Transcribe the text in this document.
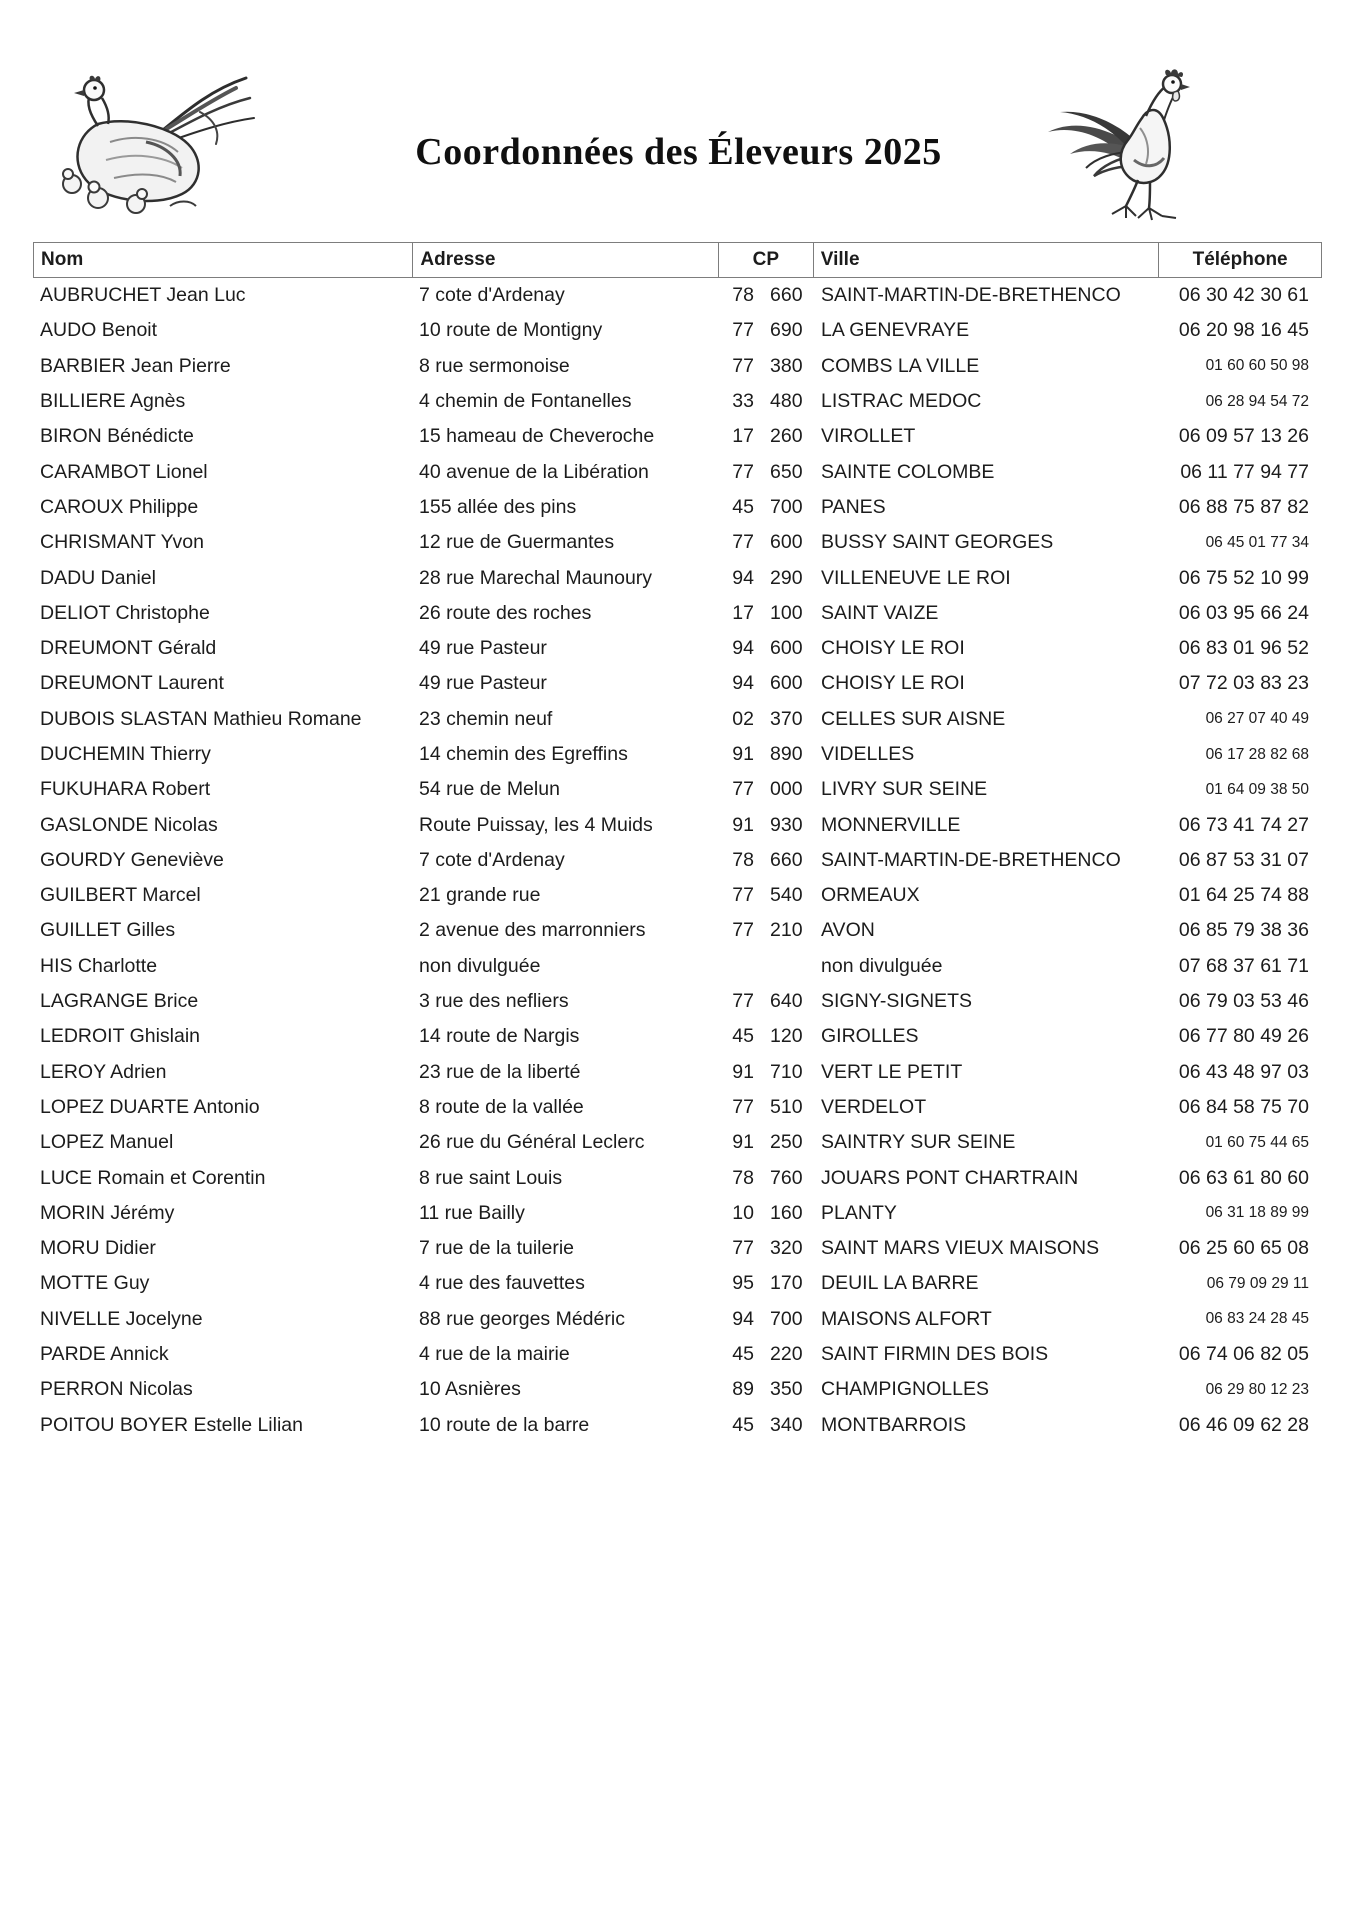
Coordonnées des Éleveurs 2025
Nom	Adresse	CP	Ville	Téléphone
AUBRUCHET Jean Luc	7 cote d'Ardenay	78 660 SAINT-MARTIN-DE-BRETHENCO	06 30 42 30 61
AUDO Benoit	10 route de Montigny	77 690 LA GENEVRAYE	06 20 98 16 45
BARBIER Jean Pierre	8 rue sermonoise	77 380 COMBS LA VILLE	01 60 60 50 98
BILLIERE Agnès	4 chemin de Fontanelles	33 480 LISTRAC MEDOC	06 28 94 54 72
BIRON Bénédicte	15 hameau de Cheveroche	17 260 VIROLLET	06 09 57 13 26
CARAMBOT Lionel	40 avenue de la Libération	77 650 SAINTE COLOMBE	06 11 77 94 77
CAROUX Philippe	155 allée des pins	45 700 PANES	06 88 75 87 82
CHRISMANT Yvon	12 rue de Guermantes	77 600 BUSSY SAINT GEORGES	06 45 01 77 34
DADU Daniel	28 rue Marechal Maunoury	94 290 VILLENEUVE LE ROI	06 75 52 10 99
DELIOT Christophe	26 route des roches	17 100 SAINT VAIZE	06 03 95 66 24
DREUMONT Gérald	49 rue Pasteur	94 600 CHOISY LE ROI	06 83 01 96 52
DREUMONT Laurent	49 rue Pasteur	94 600 CHOISY LE ROI	07 72 03 83 23
DUBOIS SLASTAN Mathieu Romane	23 chemin neuf	02 370 CELLES SUR AISNE	06 27 07 40 49
DUCHEMIN Thierry	14 chemin des Egreffins	91 890 VIDELLES	06 17 28 82 68
FUKUHARA Robert	54 rue de Melun	77 000 LIVRY SUR SEINE	01 64 09 38 50
GASLONDE Nicolas	Route Puissay, les 4 Muids	91 930 MONNERVILLE	06 73 41 74 27
GOURDY Geneviève	7 cote d'Ardenay	78 660 SAINT-MARTIN-DE-BRETHENCO	06 87 53 31 07
GUILBERT Marcel	21 grande rue	77 540 ORMEAUX	01 64 25 74 88
GUILLET Gilles	2 avenue des marronniers	77 210 AVON	06 85 79 38 36
HIS Charlotte	non divulguée	non divulguée	07 68 37 61 71
LAGRANGE Brice	3 rue des nefliers	77 640 SIGNY-SIGNETS	06 79 03 53 46
LEDROIT Ghislain	14 route de Nargis	45 120 GIROLLES	06 77 80 49 26
LEROY Adrien	23 rue de la liberté	91 710 VERT LE PETIT	06 43 48 97 03
LOPEZ DUARTE Antonio	8 route de la vallée	77 510 VERDELOT	06 84 58 75 70
LOPEZ Manuel	26 rue du Général Leclerc	91 250 SAINTRY SUR SEINE	01 60 75 44 65
LUCE Romain et Corentin	8 rue saint Louis	78 760 JOUARS PONT CHARTRAIN	06 63 61 80 60
MORIN Jérémy	11 rue Bailly	10 160 PLANTY	06 31 18 89 99
MORU Didier	7 rue de la tuilerie	77 320 SAINT MARS VIEUX MAISONS	06 25 60 65 08
MOTTE Guy	4 rue des fauvettes	95 170 DEUIL LA BARRE	06 79 09 29 11
NIVELLE Jocelyne	88 rue georges Médéric	94 700 MAISONS ALFORT	06 83 24 28 45
PARDE Annick	4 rue de la mairie	45 220 SAINT FIRMIN DES BOIS	06 74 06 82 05
PERRON Nicolas	10 Asnières	89 350 CHAMPIGNOLLES	06 29 80 12 23
POITOU BOYER Estelle Lilian	10 route de la barre	45 340 MONTBARROIS	06 46 09 62 28
